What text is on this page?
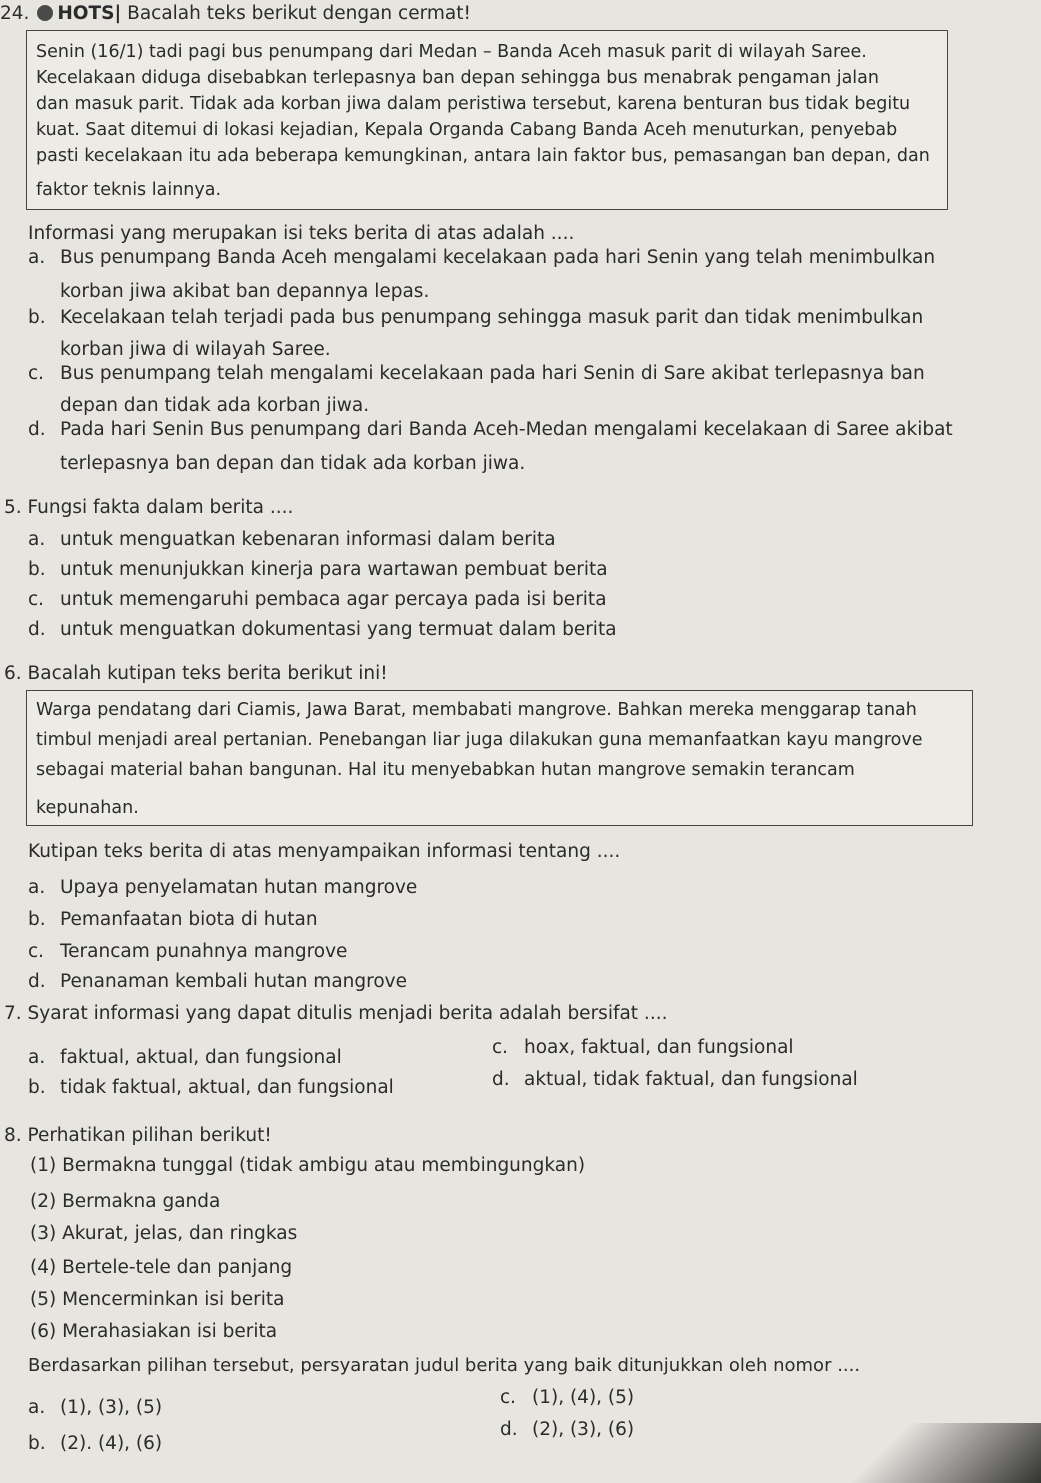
24. HOTS| Bacalah teks berikut dengan cermat!
Senin (16/1) tadi pagi bus penumpang dari Medan – Banda Aceh masuk parit di wilayah Saree.
Kecelakaan diduga disebabkan terlepasnya ban depan sehingga bus menabrak pengaman jalan
dan masuk parit. Tidak ada korban jiwa dalam peristiwa tersebut, karena benturan bus tidak begitu
kuat. Saat ditemui di lokasi kejadian, Kepala Organda Cabang Banda Aceh menuturkan, penyebab
pasti kecelakaan itu ada beberapa kemungkinan, antara lain faktor bus, pemasangan ban depan, dan
faktor teknis lainnya.
Informasi yang merupakan isi teks berita di atas adalah ....
a. Bus penumpang Banda Aceh mengalami kecelakaan pada hari Senin yang telah menimbulkan
korban jiwa akibat ban depannya lepas.
b. Kecelakaan telah terjadi pada bus penumpang sehingga masuk parit dan tidak menimbulkan
korban jiwa di wilayah Saree.
c. Bus penumpang telah mengalami kecelakaan pada hari Senin di Sare akibat terlepasnya ban
depan dan tidak ada korban jiwa.
d. Pada hari Senin Bus penumpang dari Banda Aceh-Medan mengalami kecelakaan di Saree akibat
terlepasnya ban depan dan tidak ada korban jiwa.
5. Fungsi fakta dalam berita ....
a. untuk menguatkan kebenaran informasi dalam berita
b. untuk menunjukkan kinerja para wartawan pembuat berita
c. untuk memengaruhi pembaca agar percaya pada isi berita
d. untuk menguatkan dokumentasi yang termuat dalam berita
6. Bacalah kutipan teks berita berikut ini!
Warga pendatang dari Ciamis, Jawa Barat, membabati mangrove. Bahkan mereka menggarap tanah
timbul menjadi areal pertanian. Penebangan liar juga dilakukan guna memanfaatkan kayu mangrove
sebagai material bahan bangunan. Hal itu menyebabkan hutan mangrove semakin terancam
kepunahan.
Kutipan teks berita di atas menyampaikan informasi tentang ....
a. Upaya penyelamatan hutan mangrove
b. Pemanfaatan biota di hutan
c. Terancam punahnya mangrove
d. Penanaman kembali hutan mangrove
7. Syarat informasi yang dapat ditulis menjadi berita adalah bersifat ....
a. faktual, aktual, dan fungsional
b. tidak faktual, aktual, dan fungsional
c. hoax, faktual, dan fungsional
d. aktual, tidak faktual, dan fungsional
8. Perhatikan pilihan berikut!
(1) Bermakna tunggal (tidak ambigu atau membingungkan)
(2) Bermakna ganda
(3) Akurat, jelas, dan ringkas
(4) Bertele-tele dan panjang
(5) Mencerminkan isi berita
(6) Merahasiakan isi berita
Berdasarkan pilihan tersebut, persyaratan judul berita yang baik ditunjukkan oleh nomor ....
a. (1), (3), (5)
b. (2). (4), (6)
c. (1), (4), (5)
d. (2), (3), (6)
